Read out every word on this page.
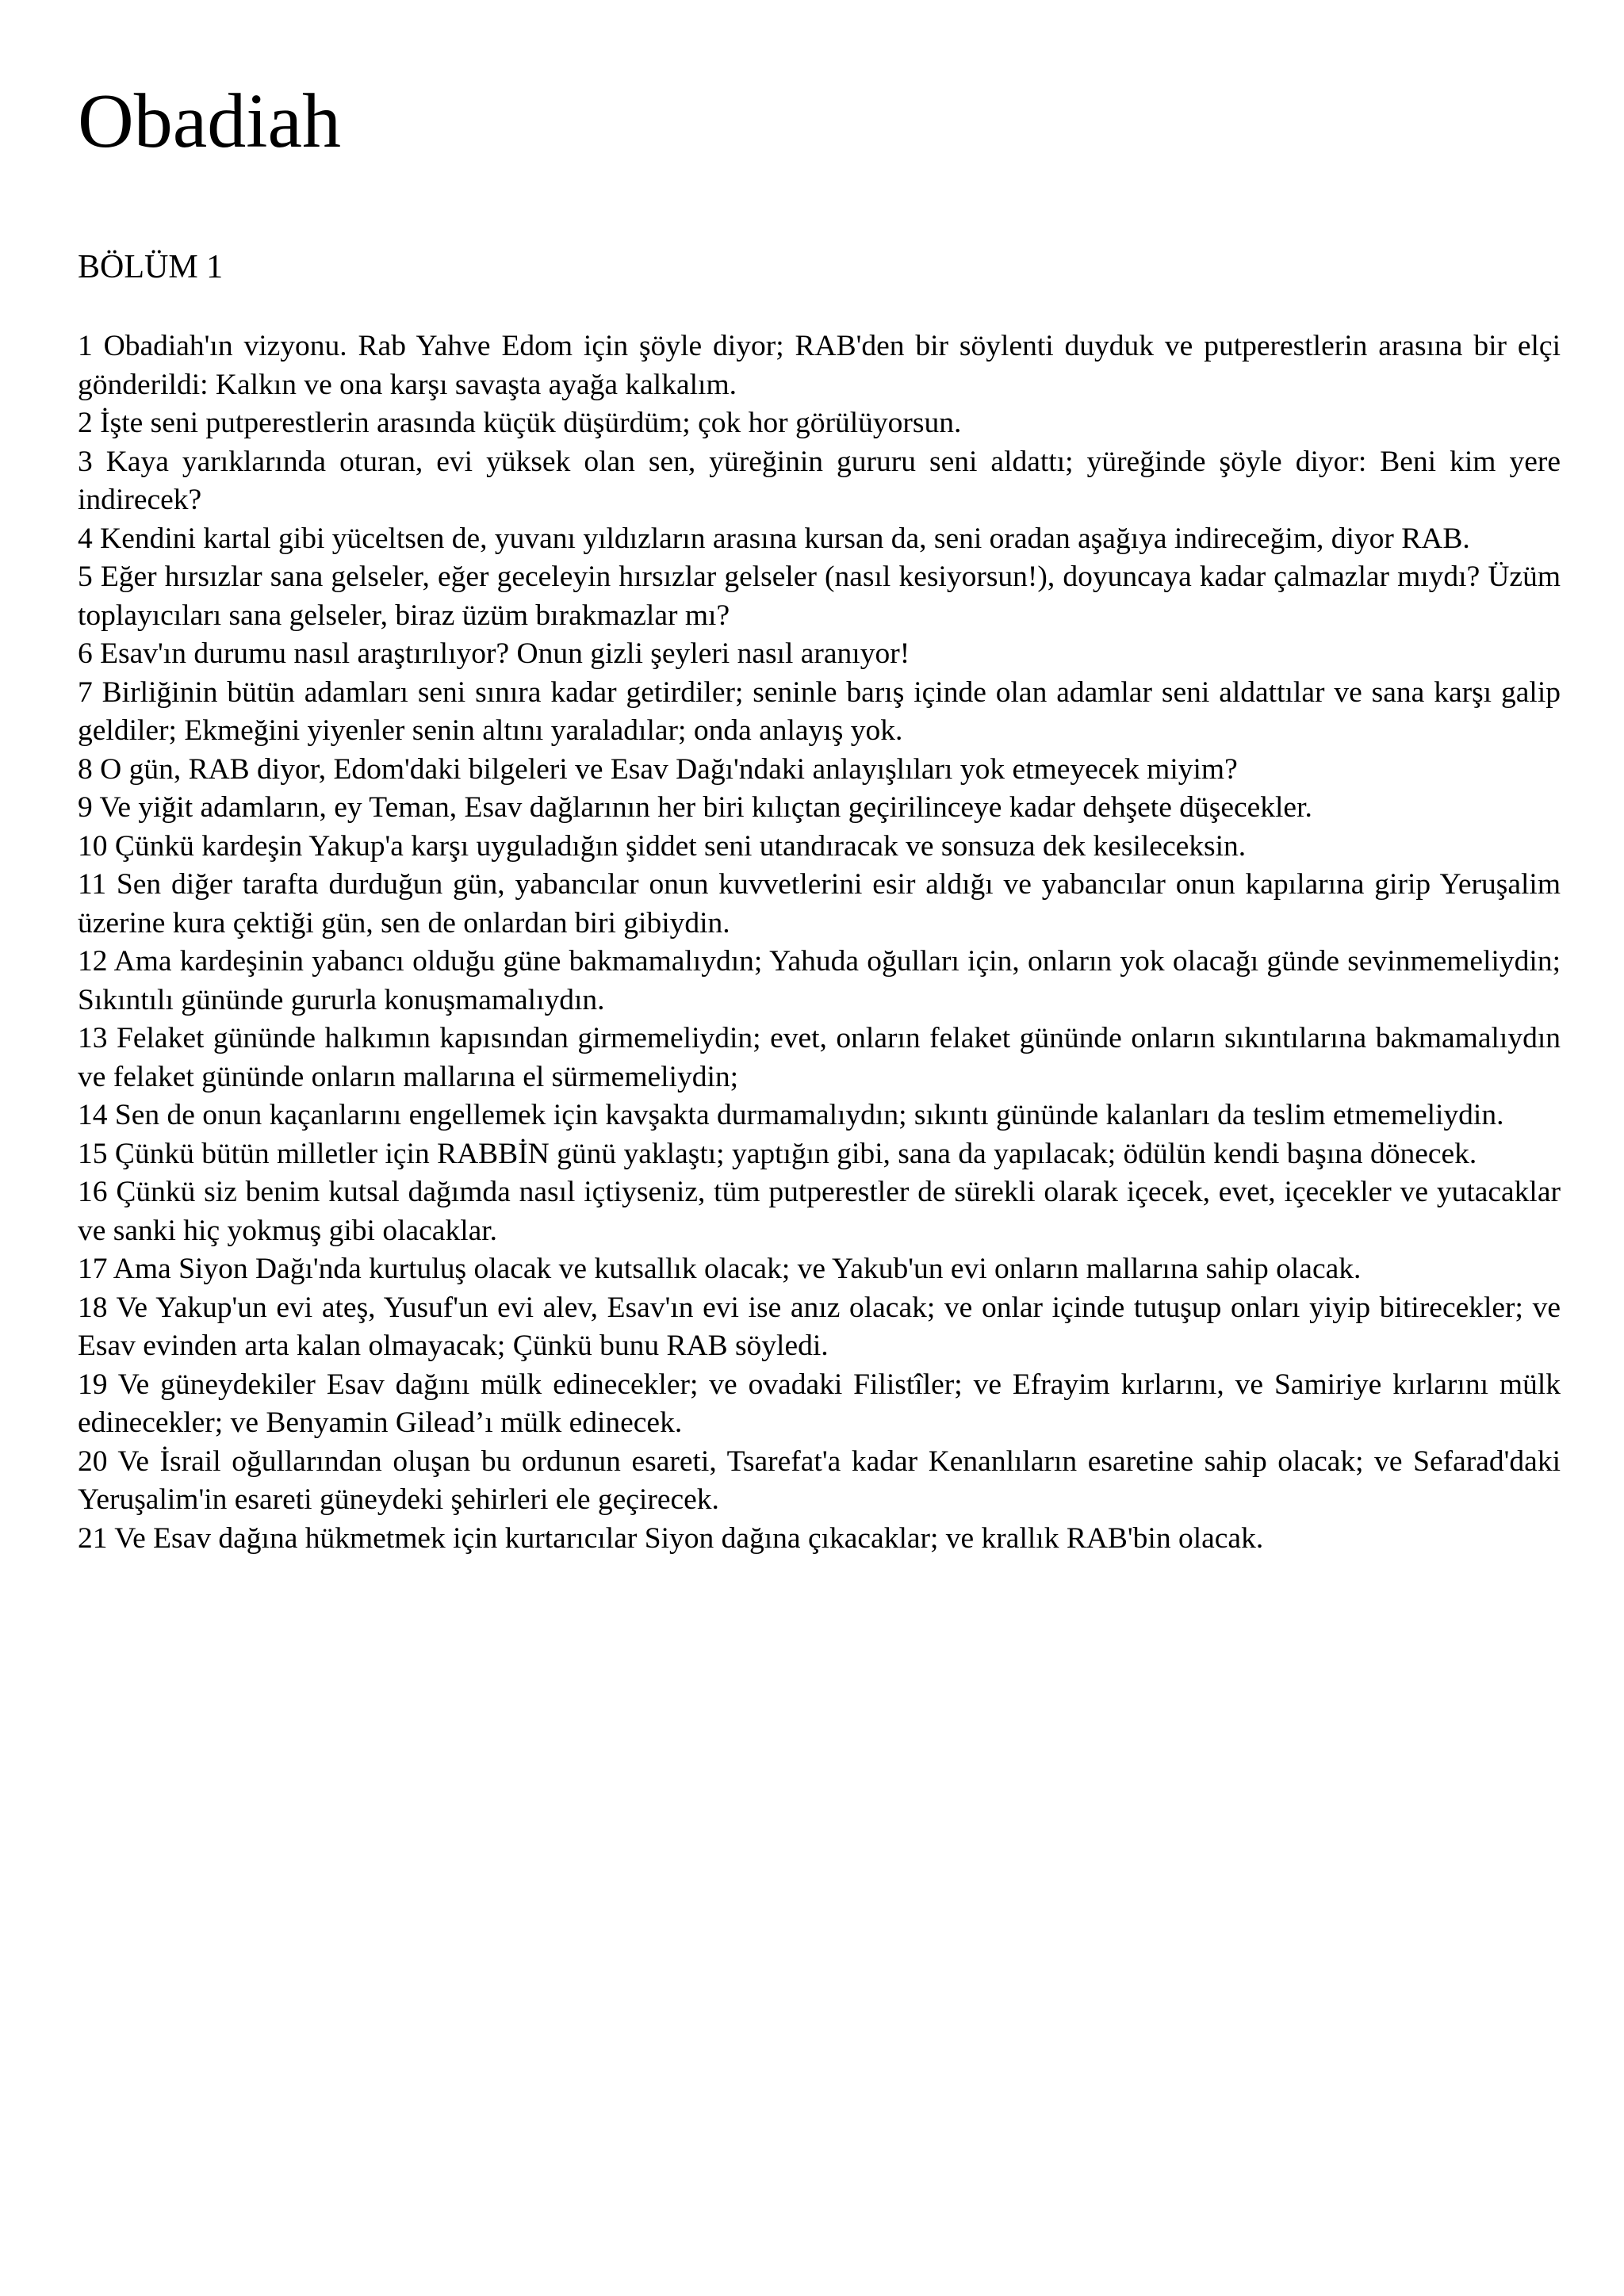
Obadiah
BÖLÜM 1

1 Obadiah'ın vizyonu. Rab Yahve Edom için şöyle diyor; RAB'den bir söylenti duyduk ve putperestlerin arasına bir elçi gönderildi: Kalkın ve ona karşı savaşta ayağa kalkalım.

2 İşte seni putperestlerin arasında küçük düşürdüm; çok hor görülüyorsun.

3 Kaya yarıklarında oturan, evi yüksek olan sen, yüreğinin gururu seni aldattı; yüreğinde şöyle diyor: Beni kim yere indirecek?

4 Kendini kartal gibi yüceltsen de, yuvanı yıldızların arasına kursan da, seni oradan aşağıya indireceğim, diyor RAB.

5 Eğer hırsızlar sana gelseler, eğer geceleyin hırsızlar gelseler (nasıl kesiyorsun!), doyuncaya kadar çalmazlar mıydı? Üzüm toplayıcıları sana gelseler, biraz üzüm bırakmazlar mı?

6 Esav'ın durumu nasıl araştırılıyor? Onun gizli şeyleri nasıl aranıyor!

7 Birliğinin bütün adamları seni sınıra kadar getirdiler; seninle barış içinde olan adamlar seni aldattılar ve sana karşı galip geldiler; Ekmeğini yiyenler senin altını yaraladılar; onda anlayış yok.

8 O gün, RAB diyor, Edom'daki bilgeleri ve Esav Dağı'ndaki anlayışlıları yok etmeyecek miyim?

9 Ve yiğit adamların, ey Teman, Esav dağlarının her biri kılıçtan geçirilinceye kadar dehşete düşecekler.

10 Çünkü kardeşin Yakup'a karşı uyguladığın şiddet seni utandıracak ve sonsuza dek kesileceksin.

11 Sen diğer tarafta durduğun gün, yabancılar onun kuvvetlerini esir aldığı ve yabancılar onun kapılarına girip Yeruşalim üzerine kura çektiği gün, sen de onlardan biri gibiydin.

12 Ama kardeşinin yabancı olduğu güne bakmamalıydın; Yahuda oğulları için, onların yok olacağı günde sevinmemeliydin; Sıkıntılı gününde gururla konuşmamalıydın.

13 Felaket gününde halkımın kapısından girmemeliydin; evet, onların felaket gününde onların sıkıntılarına bakmamalıydın ve felaket gününde onların mallarına el sürmemeliydin;

14 Sen de onun kaçanlarını engellemek için kavşakta durmamalıydın; sıkıntı gününde kalanları da teslim etmemeliydin.

15 Çünkü bütün milletler için RABBİN günü yaklaştı; yaptığın gibi, sana da yapılacak; ödülün kendi başına dönecek.

16 Çünkü siz benim kutsal dağımda nasıl içtiyseniz, tüm putperestler de sürekli olarak içecek, evet, içecekler ve yutacaklar ve sanki hiç yokmuş gibi olacaklar.

17 Ama Siyon Dağı'nda kurtuluş olacak ve kutsallık olacak; ve Yakub'un evi onların mallarına sahip olacak.

18 Ve Yakup'un evi ateş, Yusuf'un evi alev, Esav'ın evi ise anız olacak; ve onlar içinde tutuşup onları yiyip bitirecekler; ve Esav evinden arta kalan olmayacak; Çünkü bunu RAB söyledi.

19 Ve güneydekiler Esav dağını mülk edinecekler; ve ovadaki Filistîler; ve Efrayim kırlarını, ve Samiriye kırlarını mülk edinecekler; ve Benyamin Gilead’ı mülk edinecek.

20 Ve İsrail oğullarından oluşan bu ordunun esareti, Tsarefat'a kadar Kenanlıların esaretine sahip olacak; ve Sefarad'daki Yeruşalim'in esareti güneydeki şehirleri ele geçirecek.

21 Ve Esav dağına hükmetmek için kurtarıcılar Siyon dağına çıkacaklar; ve krallık RAB'bin olacak.
